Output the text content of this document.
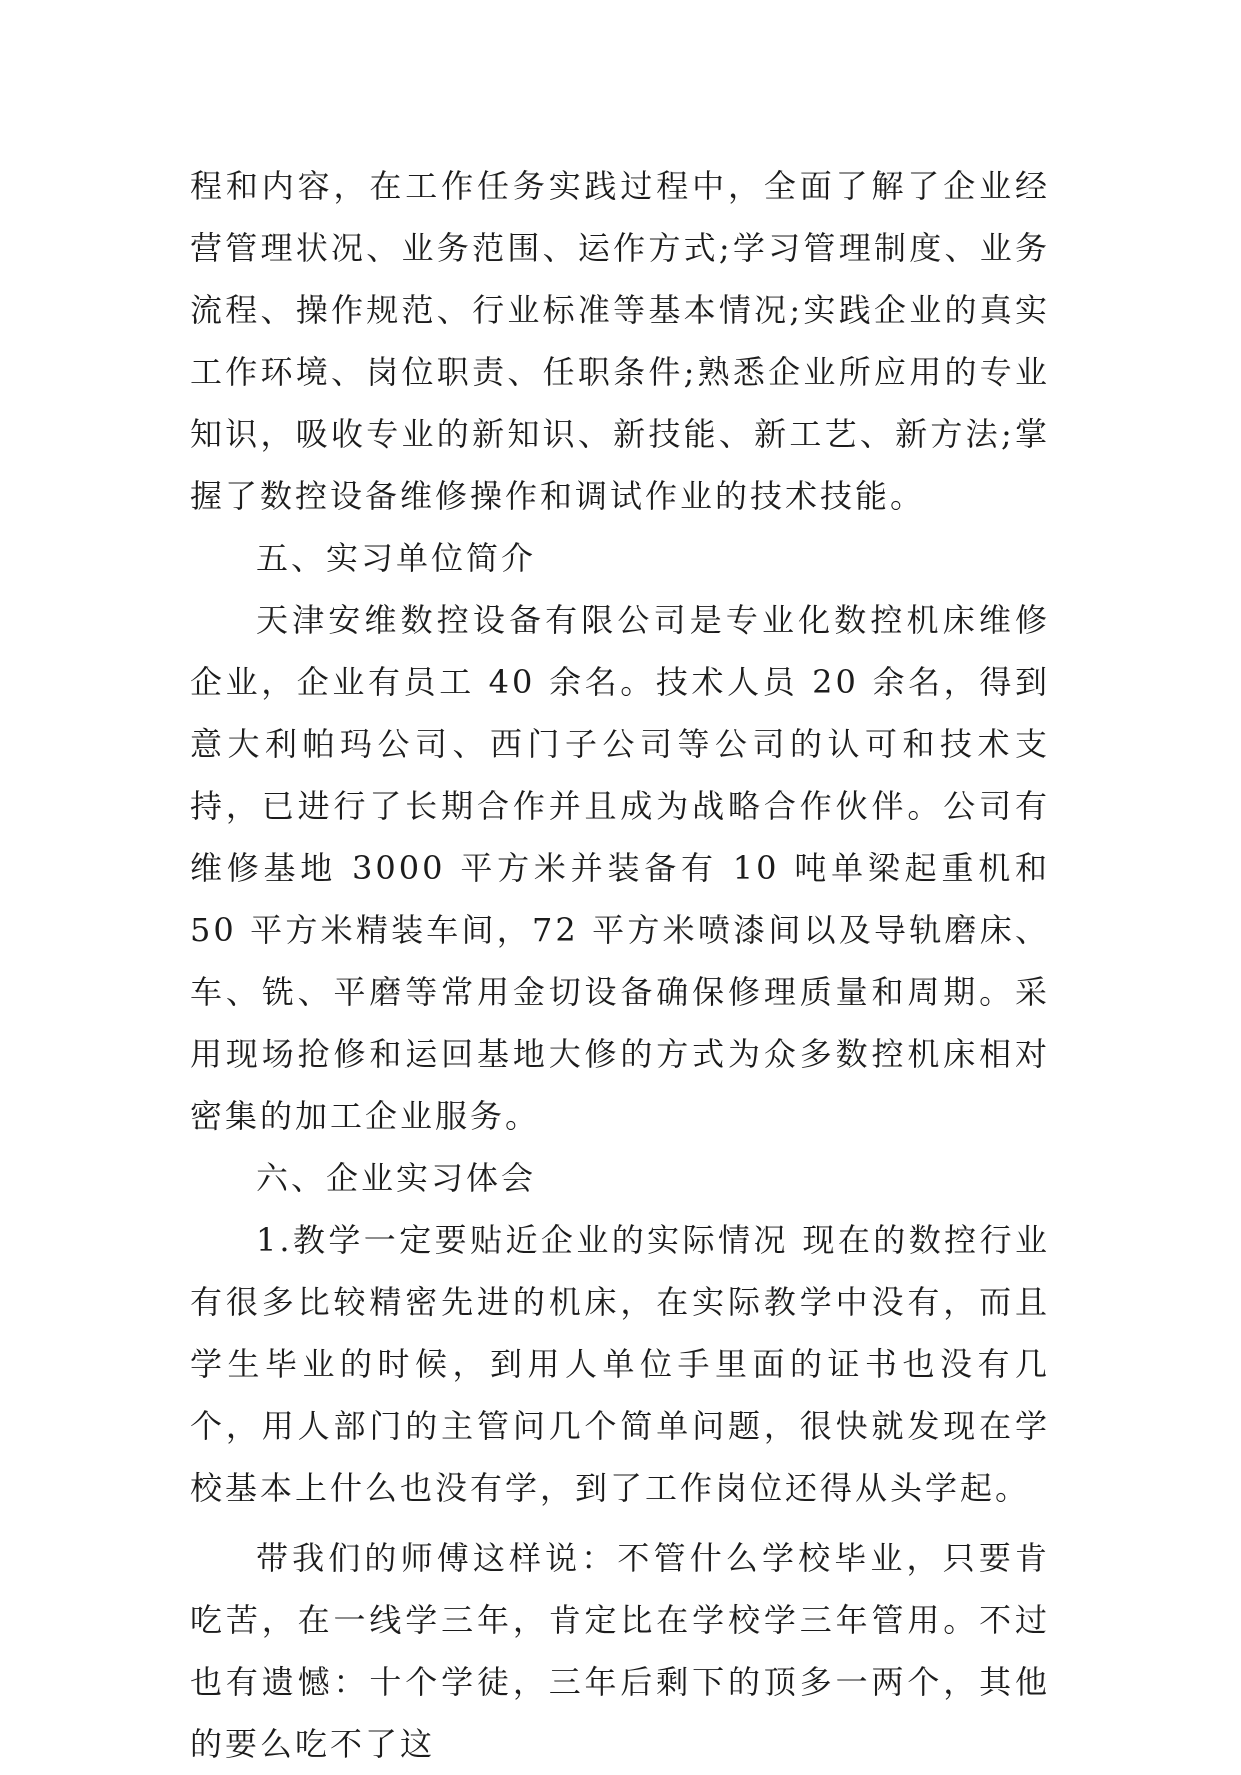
程和内容，在工作任务实践过程中，全面了解了企业经营管理状况、业务范围、运作方式;学习管理制度、业务流程、操作规范、行业标准等基本情况;实践企业的真实工作环境、岗位职责、任职条件;熟悉企业所应用的专业知识，吸收专业的新知识、新技能、新工艺、新方法;掌握了数控设备维修操作和调试作业的技术技能。

五、实习单位简介

天津安维数控设备有限公司是专业化数控机床维修企业，企业有员工 40 余名。技术人员 20 余名，得到意大利帕玛公司、西门子公司等公司的认可和技术支持，已进行了长期合作并且成为战略合作伙伴。公司有维修基地 3000 平方米并装备有 10 吨单梁起重机和 50 平方米精装车间，72 平方米喷漆间以及导轨磨床、车、铣、平磨等常用金切设备确保修理质量和周期。采用现场抢修和运回基地大修的方式为众多数控机床相对密集的加工企业服务。

六、企业实习体会

1.教学一定要贴近企业的实际情况 现在的数控行业有很多比较精密先进的机床，在实际教学中没有，而且学生毕业的时候，到用人单位手里面的证书也没有几个，用人部门的主管问几个简单问题，很快就发现在学校基本上什么也没有学，到了工作岗位还得从头学起。

带我们的师傅这样说：不管什么学校毕业，只要肯吃苦，在一线学三年，肯定比在学校学三年管用。不过也有遗憾：十个学徒，三年后剩下的顶多一两个，其他的要么吃不了这
